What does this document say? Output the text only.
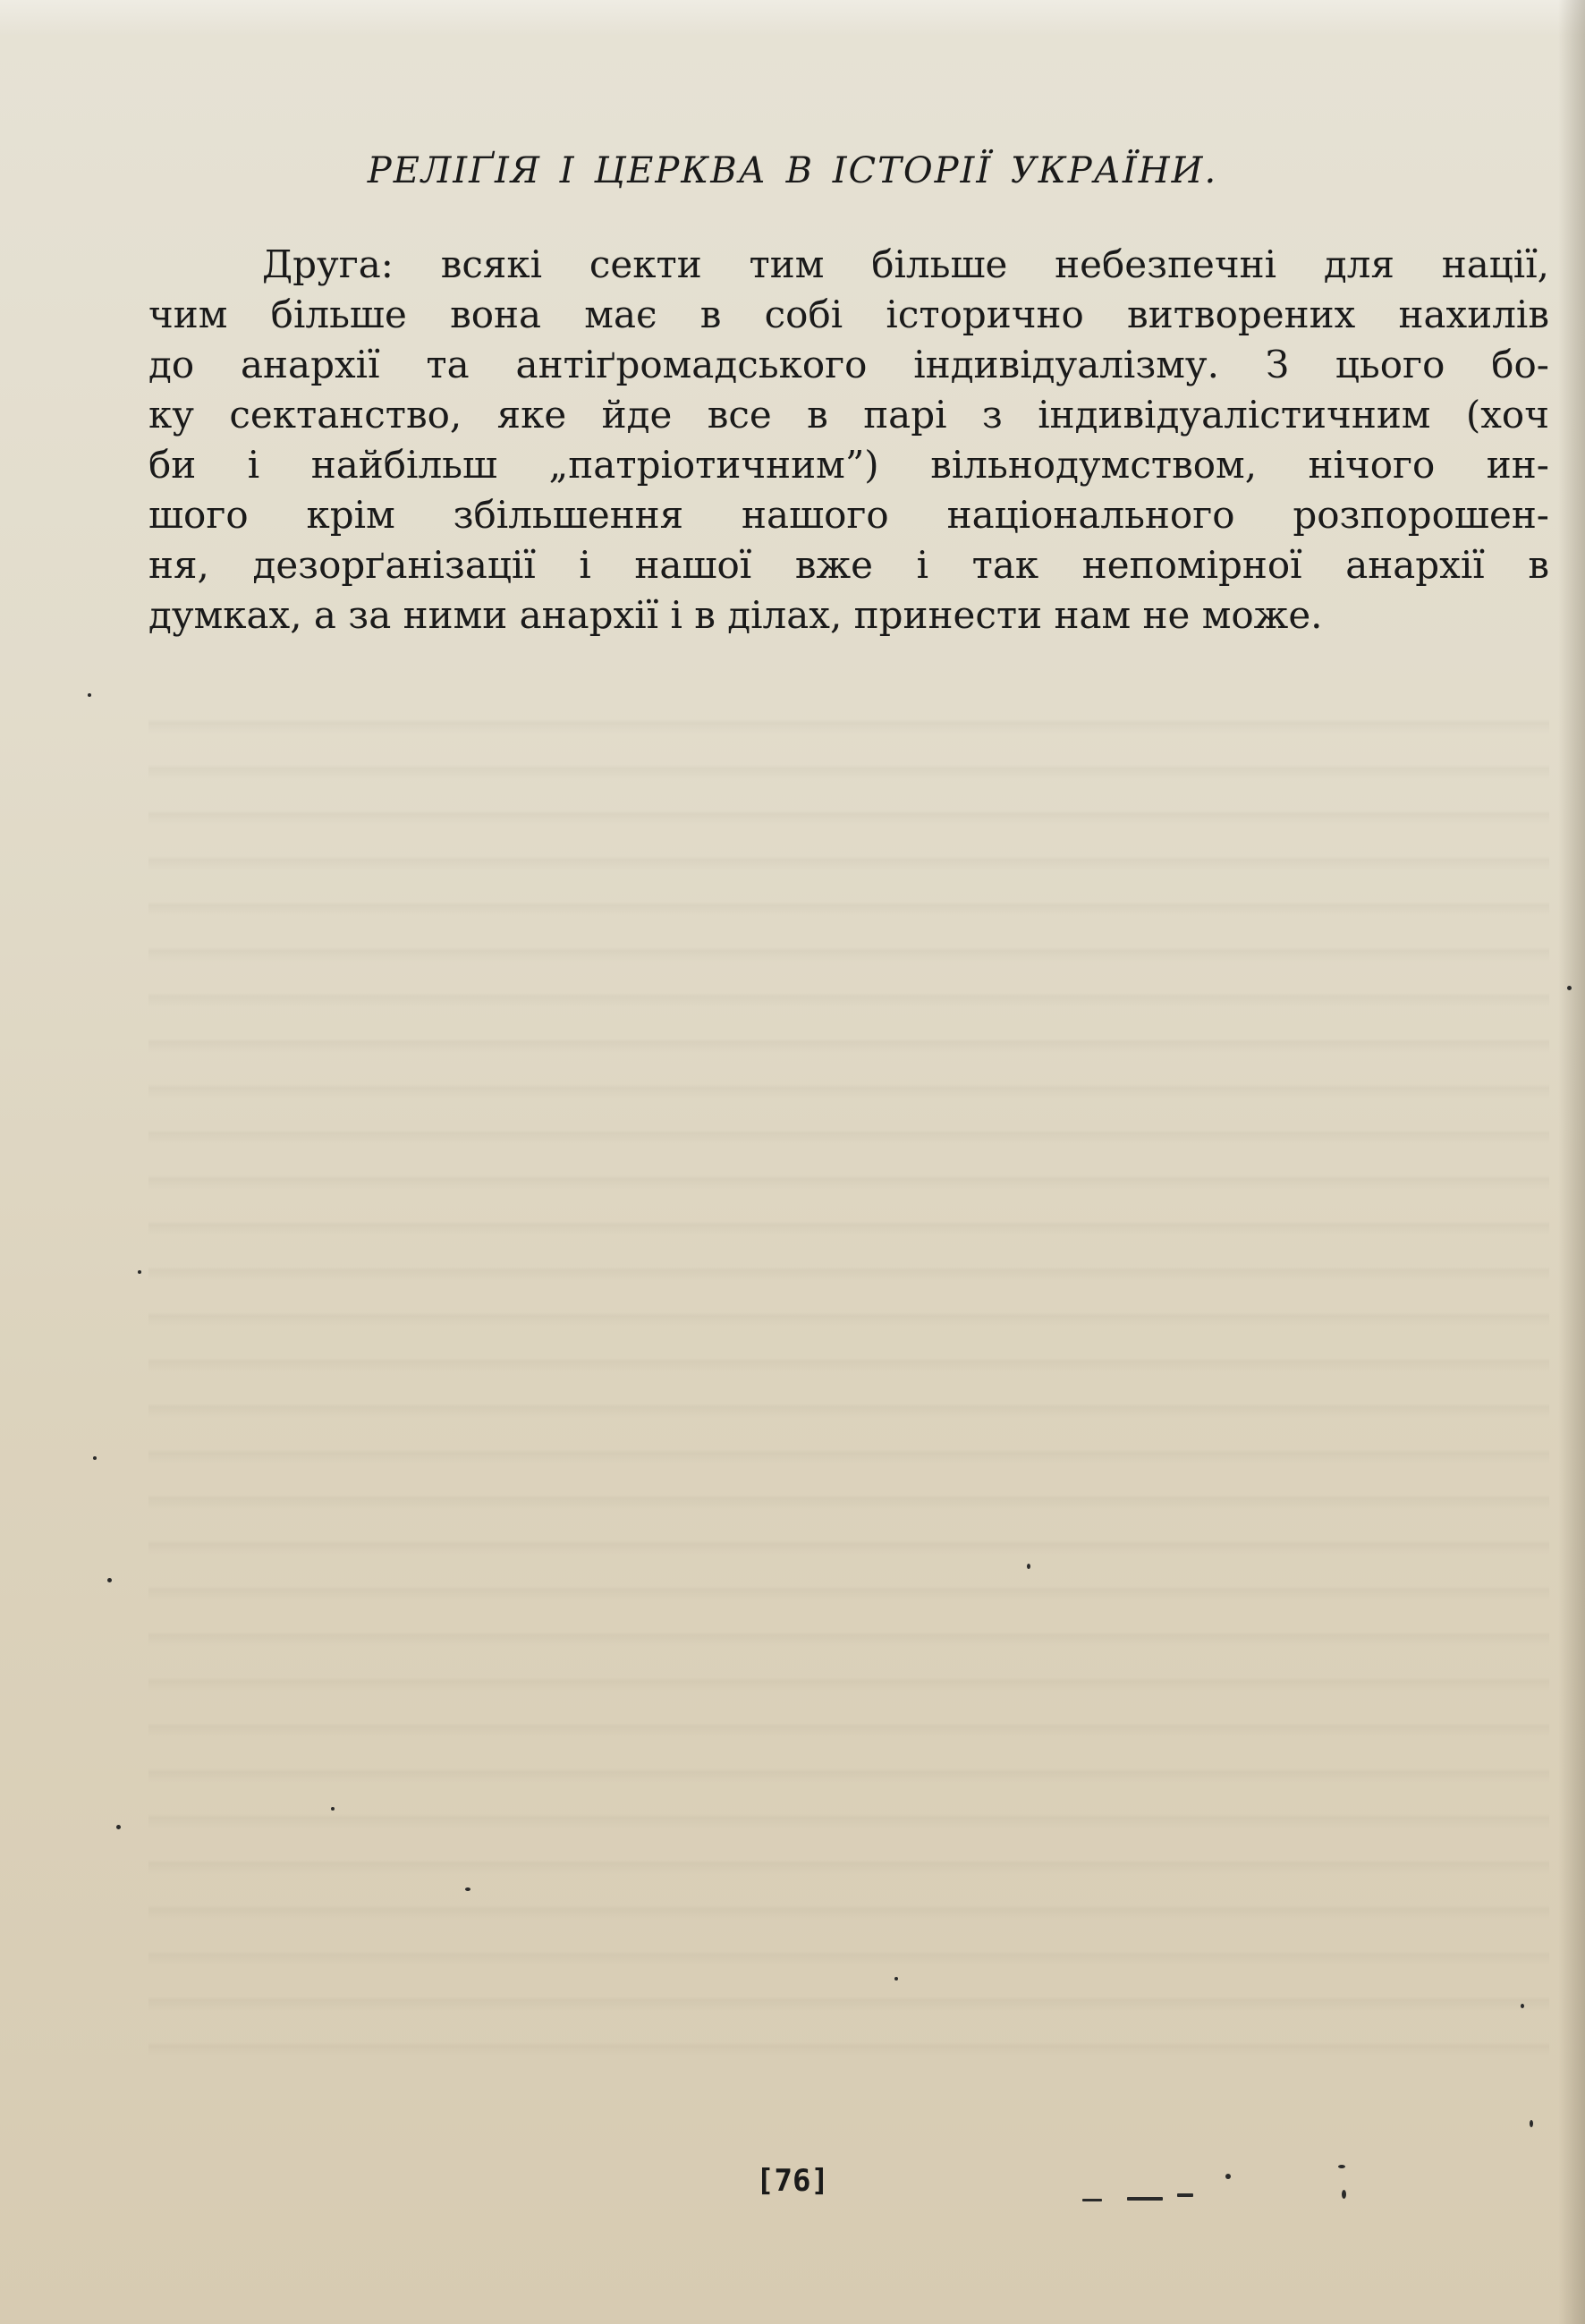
РЕЛІҐІЯ І ЦЕРКВА В ІСТОРІЇ УКРАЇНИ.

Друга: всякі секти тим більше небезпечні для нації,
чим більше вона має в собі історично витворених нахилів
до анархії та антіґромадського індивідуалізму. З цього бо-
ку сектанство, яке йде все в парі з індивідуалістичним (хоч
би і найбільш „патріотичним”) вільнодумством, нічого ин-
шого крім збільшення нашого національного розпорошен-
ня, дезорґанізації і нашої вже і так непомірної анархії в
думках, а за ними анархії і в ділах, принести нам не може.

[76]
